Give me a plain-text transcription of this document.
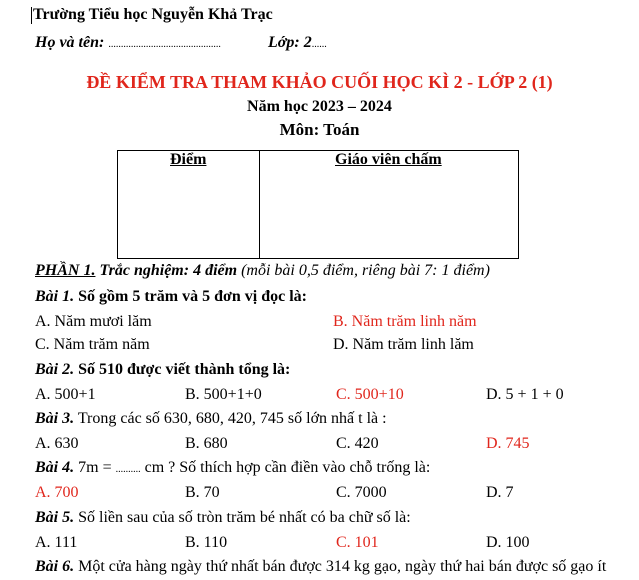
Trường Tiểu học Nguyễn Khả Trạc
Họ và tên: .............................................	Lớp: 2......
ĐỀ KIỂM TRA THAM KHẢO CUỐI HỌC KÌ 2 - LỚP 2 (1)
Năm học 2023 – 2024
Môn: Toán
Điểm	Giáo viên chấm
PHẦN 1. Trắc nghiệm: 4 điểm (mỗi bài 0,5 điểm, riêng bài 7: 1 điểm)
Bài 1. Số gồm 5 trăm và 5 đơn vị đọc là:
A. Năm mươi lăm	B. Năm trăm linh năm
C. Năm trăm năm	D. Năm trăm linh lăm
Bài 2. Số 510 được viết thành tổng là:
A. 500+1	B. 500+1+0	C. 500+10	D. 5 + 1 + 0
Bài 3. Trong các số 630, 680, 420, 745 số lớn nhấ t là :
A. 630	B. 680	C. 420	D. 745
Bài 4. 7m = .......... cm ? Số thích hợp cần điền vào chỗ trống là:
A. 700	B. 70	C. 7000	D. 7
Bài 5. Số liền sau của số tròn trăm bé nhất có ba chữ số là:
A. 111	B. 110	C. 101	D. 100
Bài 6. Một cửa hàng ngày thứ nhất bán được 314 kg gạo, ngày thứ hai bán được số gạo ít
